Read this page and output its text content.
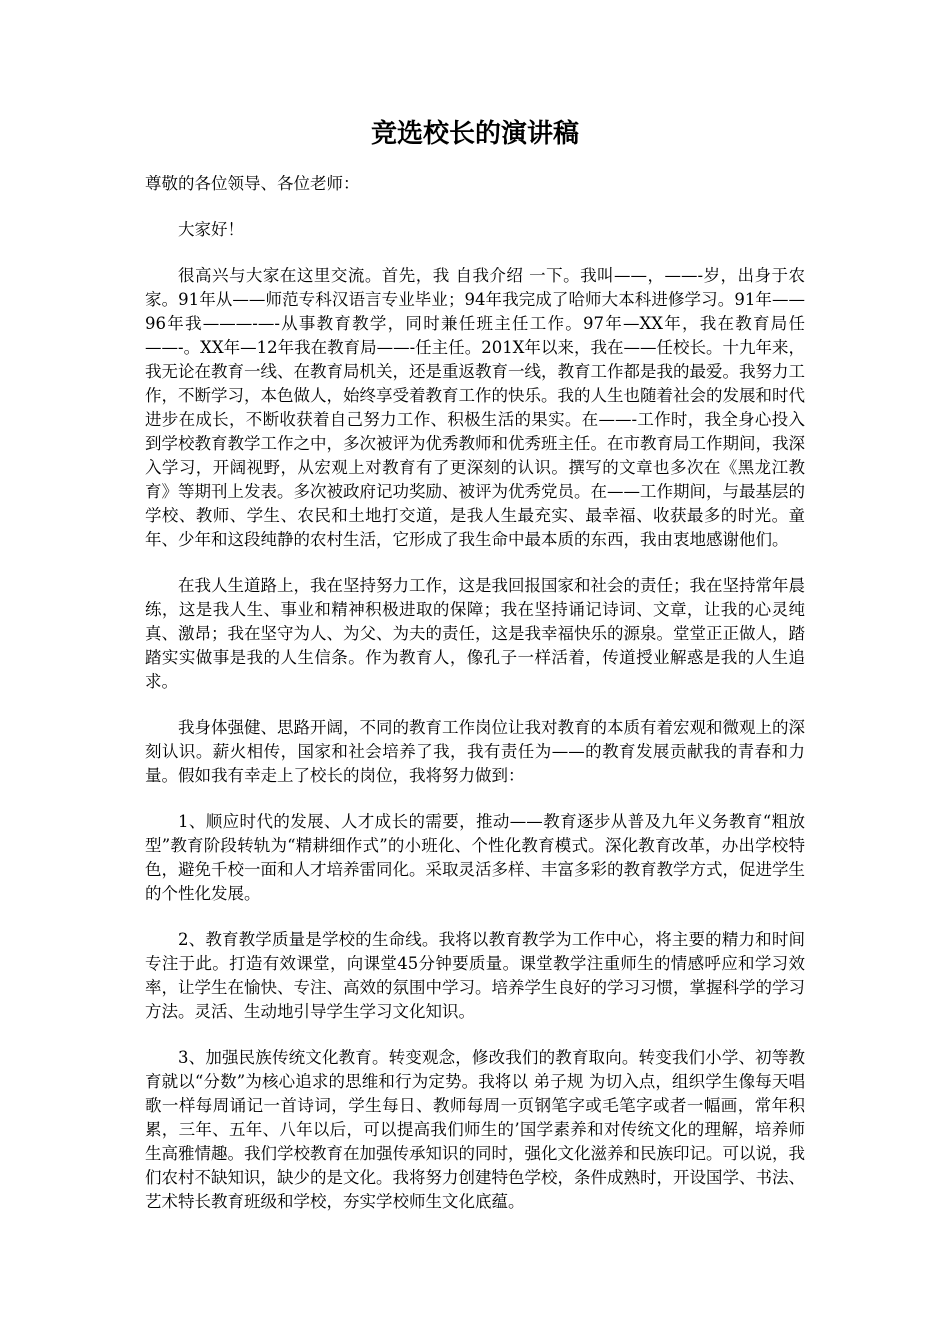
竞选校长的演讲稿

尊敬的各位领导、各位老师：

大家好！

很高兴与大家在这里交流。首先，我 自我介绍 一下。我叫——，——-岁，出身于农家。91年从——师范专科汉语言专业毕业；94年我完成了哈师大本科进修学习。91年——96年我———-—-从事教育教学，同时兼任班主任工作。97年—XX年，我在教育局任——-。XX年—12年我在教育局——-任主任。201X年以来，我在——任校长。十九年来，我无论在教育一线、在教育局机关，还是重返教育一线，教育工作都是我的最爱。我努力工作，不断学习，本色做人，始终享受着教育工作的快乐。我的人生也随着社会的发展和时代进步在成长，不断收获着自己努力工作、积极生活的果实。在——-工作时，我全身心投入到学校教育教学工作之中，多次被评为优秀教师和优秀班主任。在市教育局工作期间，我深入学习，开阔视野，从宏观上对教育有了更深刻的认识。撰写的文章也多次在《黑龙江教育》等期刊上发表。多次被政府记功奖励、被评为优秀党员。在——工作期间，与最基层的学校、教师、学生、农民和土地打交道，是我人生最充实、最幸福、收获最多的时光。童年、少年和这段纯静的农村生活，它形成了我生命中最本质的东西，我由衷地感谢他们。

在我人生道路上，我在坚持努力工作，这是我回报国家和社会的责任；我在坚持常年晨练，这是我人生、事业和精神积极进取的保障；我在坚持诵记诗词、文章，让我的心灵纯真、激昂；我在坚守为人、为父、为夫的责任，这是我幸福快乐的源泉。堂堂正正做人，踏踏实实做事是我的人生信条。作为教育人，像孔子一样活着，传道授业解惑是我的人生追求。

我身体强健、思路开阔，不同的教育工作岗位让我对教育的本质有着宏观和微观上的深刻认识。薪火相传，国家和社会培养了我，我有责任为——的教育发展贡献我的青春和力量。假如我有幸走上了校长的岗位，我将努力做到：

1、顺应时代的发展、人才成长的需要，推动——教育逐步从普及九年义务教育“粗放型”教育阶段转轨为“精耕细作式”的小班化、个性化教育模式。深化教育改革，办出学校特色，避免千校一面和人才培养雷同化。采取灵活多样、丰富多彩的教育教学方式，促进学生的个性化发展。

2、教育教学质量是学校的生命线。我将以教育教学为工作中心，将主要的精力和时间专注于此。打造有效课堂，向课堂45分钟要质量。课堂教学注重师生的情感呼应和学习效率，让学生在愉快、专注、高效的氛围中学习。培养学生良好的学习习惯，掌握科学的学习方法。灵活、生动地引导学生学习文化知识。

3、加强民族传统文化教育。转变观念，修改我们的教育取向。转变我们小学、初等教育就以“分数”为核心追求的思维和行为定势。我将以 弟子规 为切入点，组织学生像每天唱歌一样每周诵记一首诗词，学生每日、教师每周一页钢笔字或毛笔字或者一幅画，常年积累，三年、五年、八年以后，可以提高我们师生的’国学素养和对传统文化的理解，培养师生高雅情趣。我们学校教育在加强传承知识的同时，强化文化滋养和民族印记。可以说，我们农村不缺知识，缺少的是文化。我将努力创建特色学校，条件成熟时，开设国学、书法、艺术特长教育班级和学校，夯实学校师生文化底蕴。
